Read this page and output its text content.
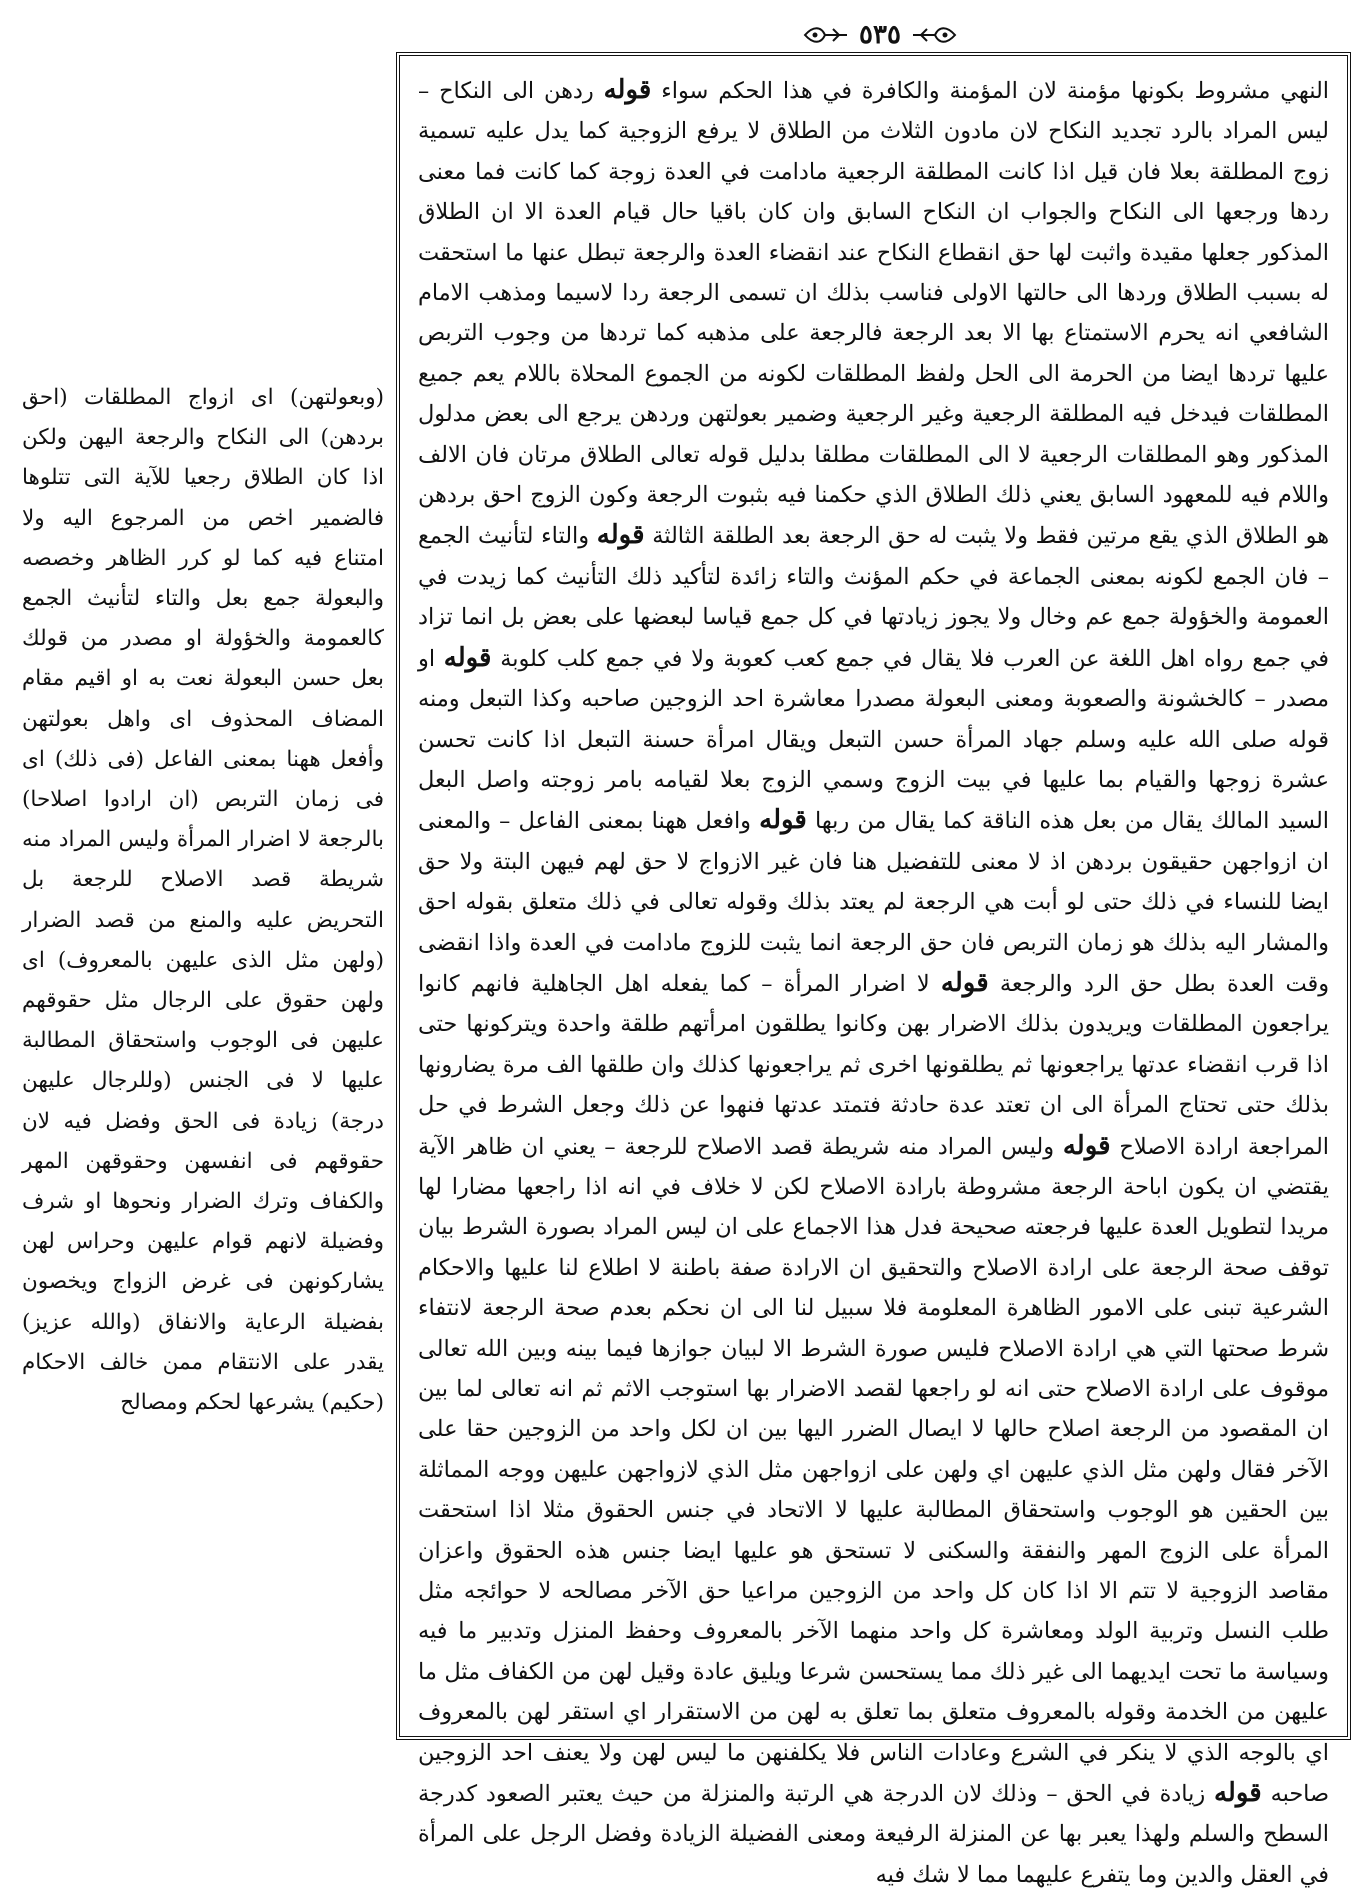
٥٣٥

النهي مشروط بكونها مؤمنة لان المؤمنة والكافرة في هذا الحكم سواء قوله ردهن الى النكاح – ليس المراد بالرد تجديد النكاح لان مادون الثلاث من الطلاق لا يرفع الزوجية كما يدل عليه تسمية زوج المطلقة بعلا فان قيل اذا كانت المطلقة الرجعية مادامت في العدة زوجة كما كانت فما معنى ردها ورجعها الى النكاح والجواب ان النكاح السابق وان كان باقيا حال قيام العدة الا ان الطلاق المذكور جعلها مقيدة واثبت لها حق انقطاع النكاح عند انقضاء العدة والرجعة تبطل عنها ما استحقت له بسبب الطلاق وردها الى حالتها الاولى فناسب بذلك ان تسمى الرجعة ردا لاسيما ومذهب الامام الشافعي انه يحرم الاستمتاع بها الا بعد الرجعة فالرجعة على مذهبه كما تردها من وجوب التربص عليها تردها ايضا من الحرمة الى الحل ولفظ المطلقات لكونه من الجموع المحلاة باللام يعم جميع المطلقات فيدخل فيه المطلقة الرجعية وغير الرجعية وضمير بعولتهن وردهن يرجع الى بعض مدلول المذكور وهو المطلقات الرجعية لا الى المطلقات مطلقا بدليل قوله تعالى الطلاق مرتان فان الالف واللام فيه للمعهود السابق يعني ذلك الطلاق الذي حكمنا فيه بثبوت الرجعة وكون الزوج احق بردهن هو الطلاق الذي يقع مرتين فقط ولا يثبت له حق الرجعة بعد الطلقة الثالثة قوله والتاء لتأنيث الجمع – فان الجمع لكونه بمعنى الجماعة في حكم المؤنث والتاء زائدة لتأكيد ذلك التأنيث كما زيدت في العمومة والخؤولة جمع عم وخال ولا يجوز زيادتها في كل جمع قياسا لبعضها على بعض بل انما تزاد في جمع رواه اهل اللغة عن العرب فلا يقال في جمع كعب كعوبة ولا في جمع كلب كلوبة قوله او مصدر – كالخشونة والصعوبة ومعنى البعولة مصدرا معاشرة احد الزوجين صاحبه وكذا التبعل ومنه قوله صلى الله عليه وسلم جهاد المرأة حسن التبعل ويقال امرأة حسنة التبعل اذا كانت تحسن عشرة زوجها والقيام بما عليها في بيت الزوج وسمي الزوج بعلا لقيامه بامر زوجته واصل البعل السيد المالك يقال من بعل هذه الناقة كما يقال من ربها قوله وافعل ههنا بمعنى الفاعل – والمعنى ان ازواجهن حقيقون بردهن اذ لا معنى للتفضيل هنا فان غير الازواج لا حق لهم فيهن البتة ولا حق ايضا للنساء في ذلك حتى لو أبت هي الرجعة لم يعتد بذلك وقوله تعالى في ذلك متعلق بقوله احق والمشار اليه بذلك هو زمان التربص فان حق الرجعة انما يثبت للزوج مادامت في العدة واذا انقضى وقت العدة بطل حق الرد والرجعة قوله لا اضرار المرأة – كما يفعله اهل الجاهلية فانهم كانوا يراجعون المطلقات ويريدون بذلك الاضرار بهن وكانوا يطلقون امرأتهم طلقة واحدة ويتركونها حتى اذا قرب انقضاء عدتها يراجعونها ثم يطلقونها اخرى ثم يراجعونها كذلك وان طلقها الف مرة يضارونها بذلك حتى تحتاج المرأة الى ان تعتد عدة حادثة فتمتد عدتها فنهوا عن ذلك وجعل الشرط في حل المراجعة ارادة الاصلاح قوله وليس المراد منه شريطة قصد الاصلاح للرجعة – يعني ان ظاهر الآية يقتضي ان يكون اباحة الرجعة مشروطة بارادة الاصلاح لكن لا خلاف في انه اذا راجعها مضارا لها مريدا لتطويل العدة عليها فرجعته صحيحة فدل هذا الاجماع على ان ليس المراد بصورة الشرط بيان توقف صحة الرجعة على ارادة الاصلاح والتحقيق ان الارادة صفة باطنة لا اطلاع لنا عليها والاحكام الشرعية تبنى على الامور الظاهرة المعلومة فلا سبيل لنا الى ان نحكم بعدم صحة الرجعة لانتفاء شرط صحتها التي هي ارادة الاصلاح فليس صورة الشرط الا لبيان جوازها فيما بينه وبين الله تعالى موقوف على ارادة الاصلاح حتى انه لو راجعها لقصد الاضرار بها استوجب الاثم ثم انه تعالى لما بين ان المقصود من الرجعة اصلاح حالها لا ايصال الضرر اليها بين ان لكل واحد من الزوجين حقا على الآخر فقال ولهن مثل الذي عليهن اي ولهن على ازواجهن مثل الذي لازواجهن عليهن ووجه المماثلة بين الحقين هو الوجوب واستحقاق المطالبة عليها لا الاتحاد في جنس الحقوق مثلا اذا استحقت المرأة على الزوج المهر والنفقة والسكنى لا تستحق هو عليها ايضا جنس هذه الحقوق واعزان مقاصد الزوجية لا تتم الا اذا كان كل واحد من الزوجين مراعيا حق الآخر مصالحه لا حوائجه مثل طلب النسل وتربية الولد ومعاشرة كل واحد منهما الآخر بالمعروف وحفظ المنزل وتدبير ما فيه وسياسة ما تحت ايديهما الى غير ذلك مما يستحسن شرعا ويليق عادة وقيل لهن من الكفاف مثل ما عليهن من الخدمة وقوله بالمعروف متعلق بما تعلق به لهن من الاستقرار اي استقر لهن بالمعروف اي بالوجه الذي لا ينكر في الشرع وعادات الناس فلا يكلفنهن ما ليس لهن ولا يعنف احد الزوجين صاحبه قوله زيادة في الحق – وذلك لان الدرجة هي الرتبة والمنزلة من حيث يعتبر الصعود كدرجة السطح والسلم ولهذا يعبر بها عن المنزلة الرفيعة ومعنى الفضيلة الزيادة وفضل الرجل على المرأة في العقل والدين وما يتفرع عليهما مما لا شك فيه

(وبعولتهن) اى ازواج المطلقات (احق بردهن) الى النكاح والرجعة اليهن ولكن اذا كان الطلاق رجعيا للآية التى تتلوها فالضمير اخص من المرجوع اليه ولا امتناع فيه كما لو كرر الظاهر وخصصه والبعولة جمع بعل والتاء لتأنيث الجمع كالعمومة والخؤولة او مصدر من قولك بعل حسن البعولة نعت به او اقيم مقام المضاف المحذوف اى واهل بعولتهن وأفعل ههنا بمعنى الفاعل (فى ذلك) اى فى زمان التربص (ان ارادوا اصلاحا) بالرجعة لا اضرار المرأة وليس المراد منه شريطة قصد الاصلاح للرجعة بل التحريض عليه والمنع من قصد الضرار (ولهن مثل الذى عليهن بالمعروف) اى ولهن حقوق على الرجال مثل حقوقهم عليهن فى الوجوب واستحقاق المطالبة عليها لا فى الجنس (وللرجال عليهن درجة) زيادة فى الحق وفضل فيه لان حقوقهم فى انفسهن وحقوقهن المهر والكفاف وترك الضرار ونحوها او شرف وفضيلة لانهم قوام عليهن وحراس لهن يشاركونهن فى غرض الزواج ويخصون بفضيلة الرعاية والانفاق (والله عزيز) يقدر على الانتقام ممن خالف الاحكام (حكيم) يشرعها لحكم ومصالح
